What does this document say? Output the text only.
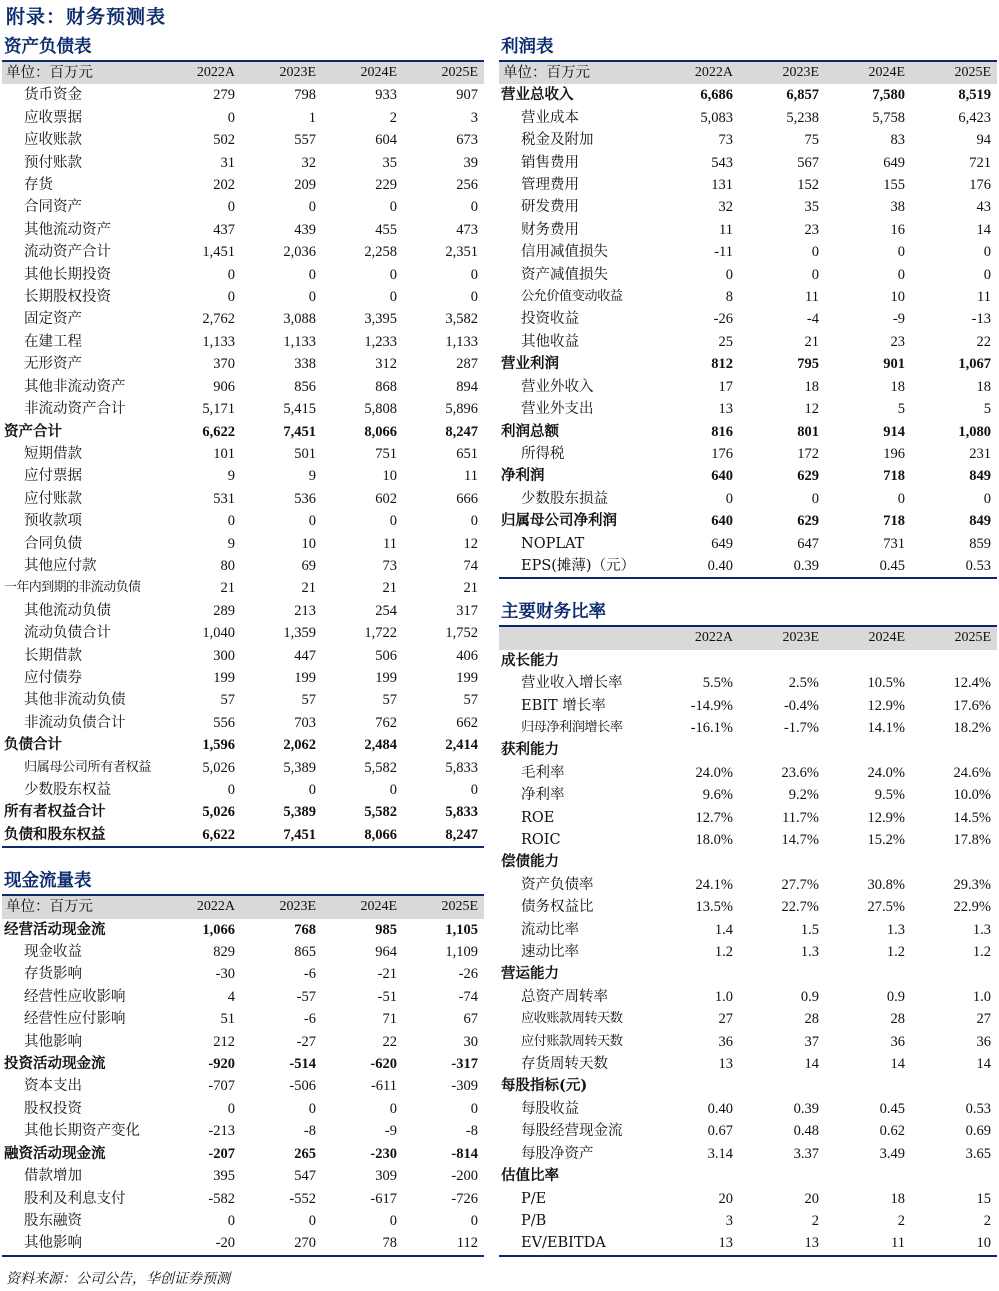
附录：财务预测表
资产负债表
单位：百万元	2022A	2023E	2024E	2025E
货币资金	279	798	933	907
应收票据	0	1	2	3
应收账款	502	557	604	673
预付账款	31	32	35	39
存货	202	209	229	256
合同资产	0	0	0	0
其他流动资产	437	439	455	473
流动资产合计	1,451	2,036	2,258	2,351
其他长期投资	0	0	0	0
长期股权投资	0	0	0	0
固定资产	2,762	3,088	3,395	3,582
在建工程	1,133	1,133	1,233	1,133
无形资产	370	338	312	287
其他非流动资产	906	856	868	894
非流动资产合计	5,171	5,415	5,808	5,896
资产合计	6,622	7,451	8,066	8,247
短期借款	101	501	751	651
应付票据	9	9	10	11
应付账款	531	536	602	666
预收款项	0	0	0	0
合同负债	9	10	11	12
其他应付款	80	69	73	74
一年内到期的非流动负债	21	21	21	21
其他流动负债	289	213	254	317
流动负债合计	1,040	1,359	1,722	1,752
长期借款	300	447	506	406
应付债券	199	199	199	199
其他非流动负债	57	57	57	57
非流动负债合计	556	703	762	662
负债合计	1,596	2,062	2,484	2,414
归属母公司所有者权益	5,026	5,389	5,582	5,833
少数股东权益	0	0	0	0
所有者权益合计	5,026	5,389	5,582	5,833
负债和股东权益	6,622	7,451	8,066	8,247
现金流量表
单位：百万元	2022A	2023E	2024E	2025E
经营活动现金流	1,066	768	985	1,105
现金收益	829	865	964	1,109
存货影响	-30	-6	-21	-26
经营性应收影响	4	-57	-51	-74
经营性应付影响	51	-6	71	67
其他影响	212	-27	22	30
投资活动现金流	-920	-514	-620	-317
资本支出	-707	-506	-611	-309
股权投资	0	0	0	0
其他长期资产变化	-213	-8	-9	-8
融资活动现金流	-207	265	-230	-814
借款增加	395	547	309	-200
股利及利息支付	-582	-552	-617	-726
股东融资	0	0	0	0
其他影响	-20	270	78	112
利润表
单位：百万元	2022A	2023E	2024E	2025E
营业总收入	6,686	6,857	7,580	8,519
营业成本	5,083	5,238	5,758	6,423
税金及附加	73	75	83	94
销售费用	543	567	649	721
管理费用	131	152	155	176
研发费用	32	35	38	43
财务费用	11	23	16	14
信用减值损失	-11	0	0	0
资产减值损失	0	0	0	0
公允价值变动收益	8	11	10	11
投资收益	-26	-4	-9	-13
其他收益	25	21	23	22
营业利润	812	795	901	1,067
营业外收入	17	18	18	18
营业外支出	13	12	5	5
利润总额	816	801	914	1,080
所得税	176	172	196	231
净利润	640	629	718	849
少数股东损益	0	0	0	0
归属母公司净利润	640	629	718	849
NOPLAT	649	647	731	859
EPS(摊薄)（元）	0.40	0.39	0.45	0.53
主要财务比率
	2022A	2023E	2024E	2025E
成长能力				
营业收入增长率	5.5%	2.5%	10.5%	12.4%
EBIT 增长率	-14.9%	-0.4%	12.9%	17.6%
归母净利润增长率	-16.1%	-1.7%	14.1%	18.2%
获利能力				
毛利率	24.0%	23.6%	24.0%	24.6%
净利率	9.6%	9.2%	9.5%	10.0%
ROE	12.7%	11.7%	12.9%	14.5%
ROIC	18.0%	14.7%	15.2%	17.8%
偿债能力				
资产负债率	24.1%	27.7%	30.8%	29.3%
债务权益比	13.5%	22.7%	27.5%	22.9%
流动比率	1.4	1.5	1.3	1.3
速动比率	1.2	1.3	1.2	1.2
营运能力				
总资产周转率	1.0	0.9	0.9	1.0
应收账款周转天数	27	28	28	27
应付账款周转天数	36	37	36	36
存货周转天数	13	14	14	14
每股指标(元)				
每股收益	0.40	0.39	0.45	0.53
每股经营现金流	0.67	0.48	0.62	0.69
每股净资产	3.14	3.37	3.49	3.65
估值比率				
P/E	20	20	18	15
P/B	3	2	2	2
EV/EBITDA	13	13	11	10
资料来源：公司公告，华创证券预测
